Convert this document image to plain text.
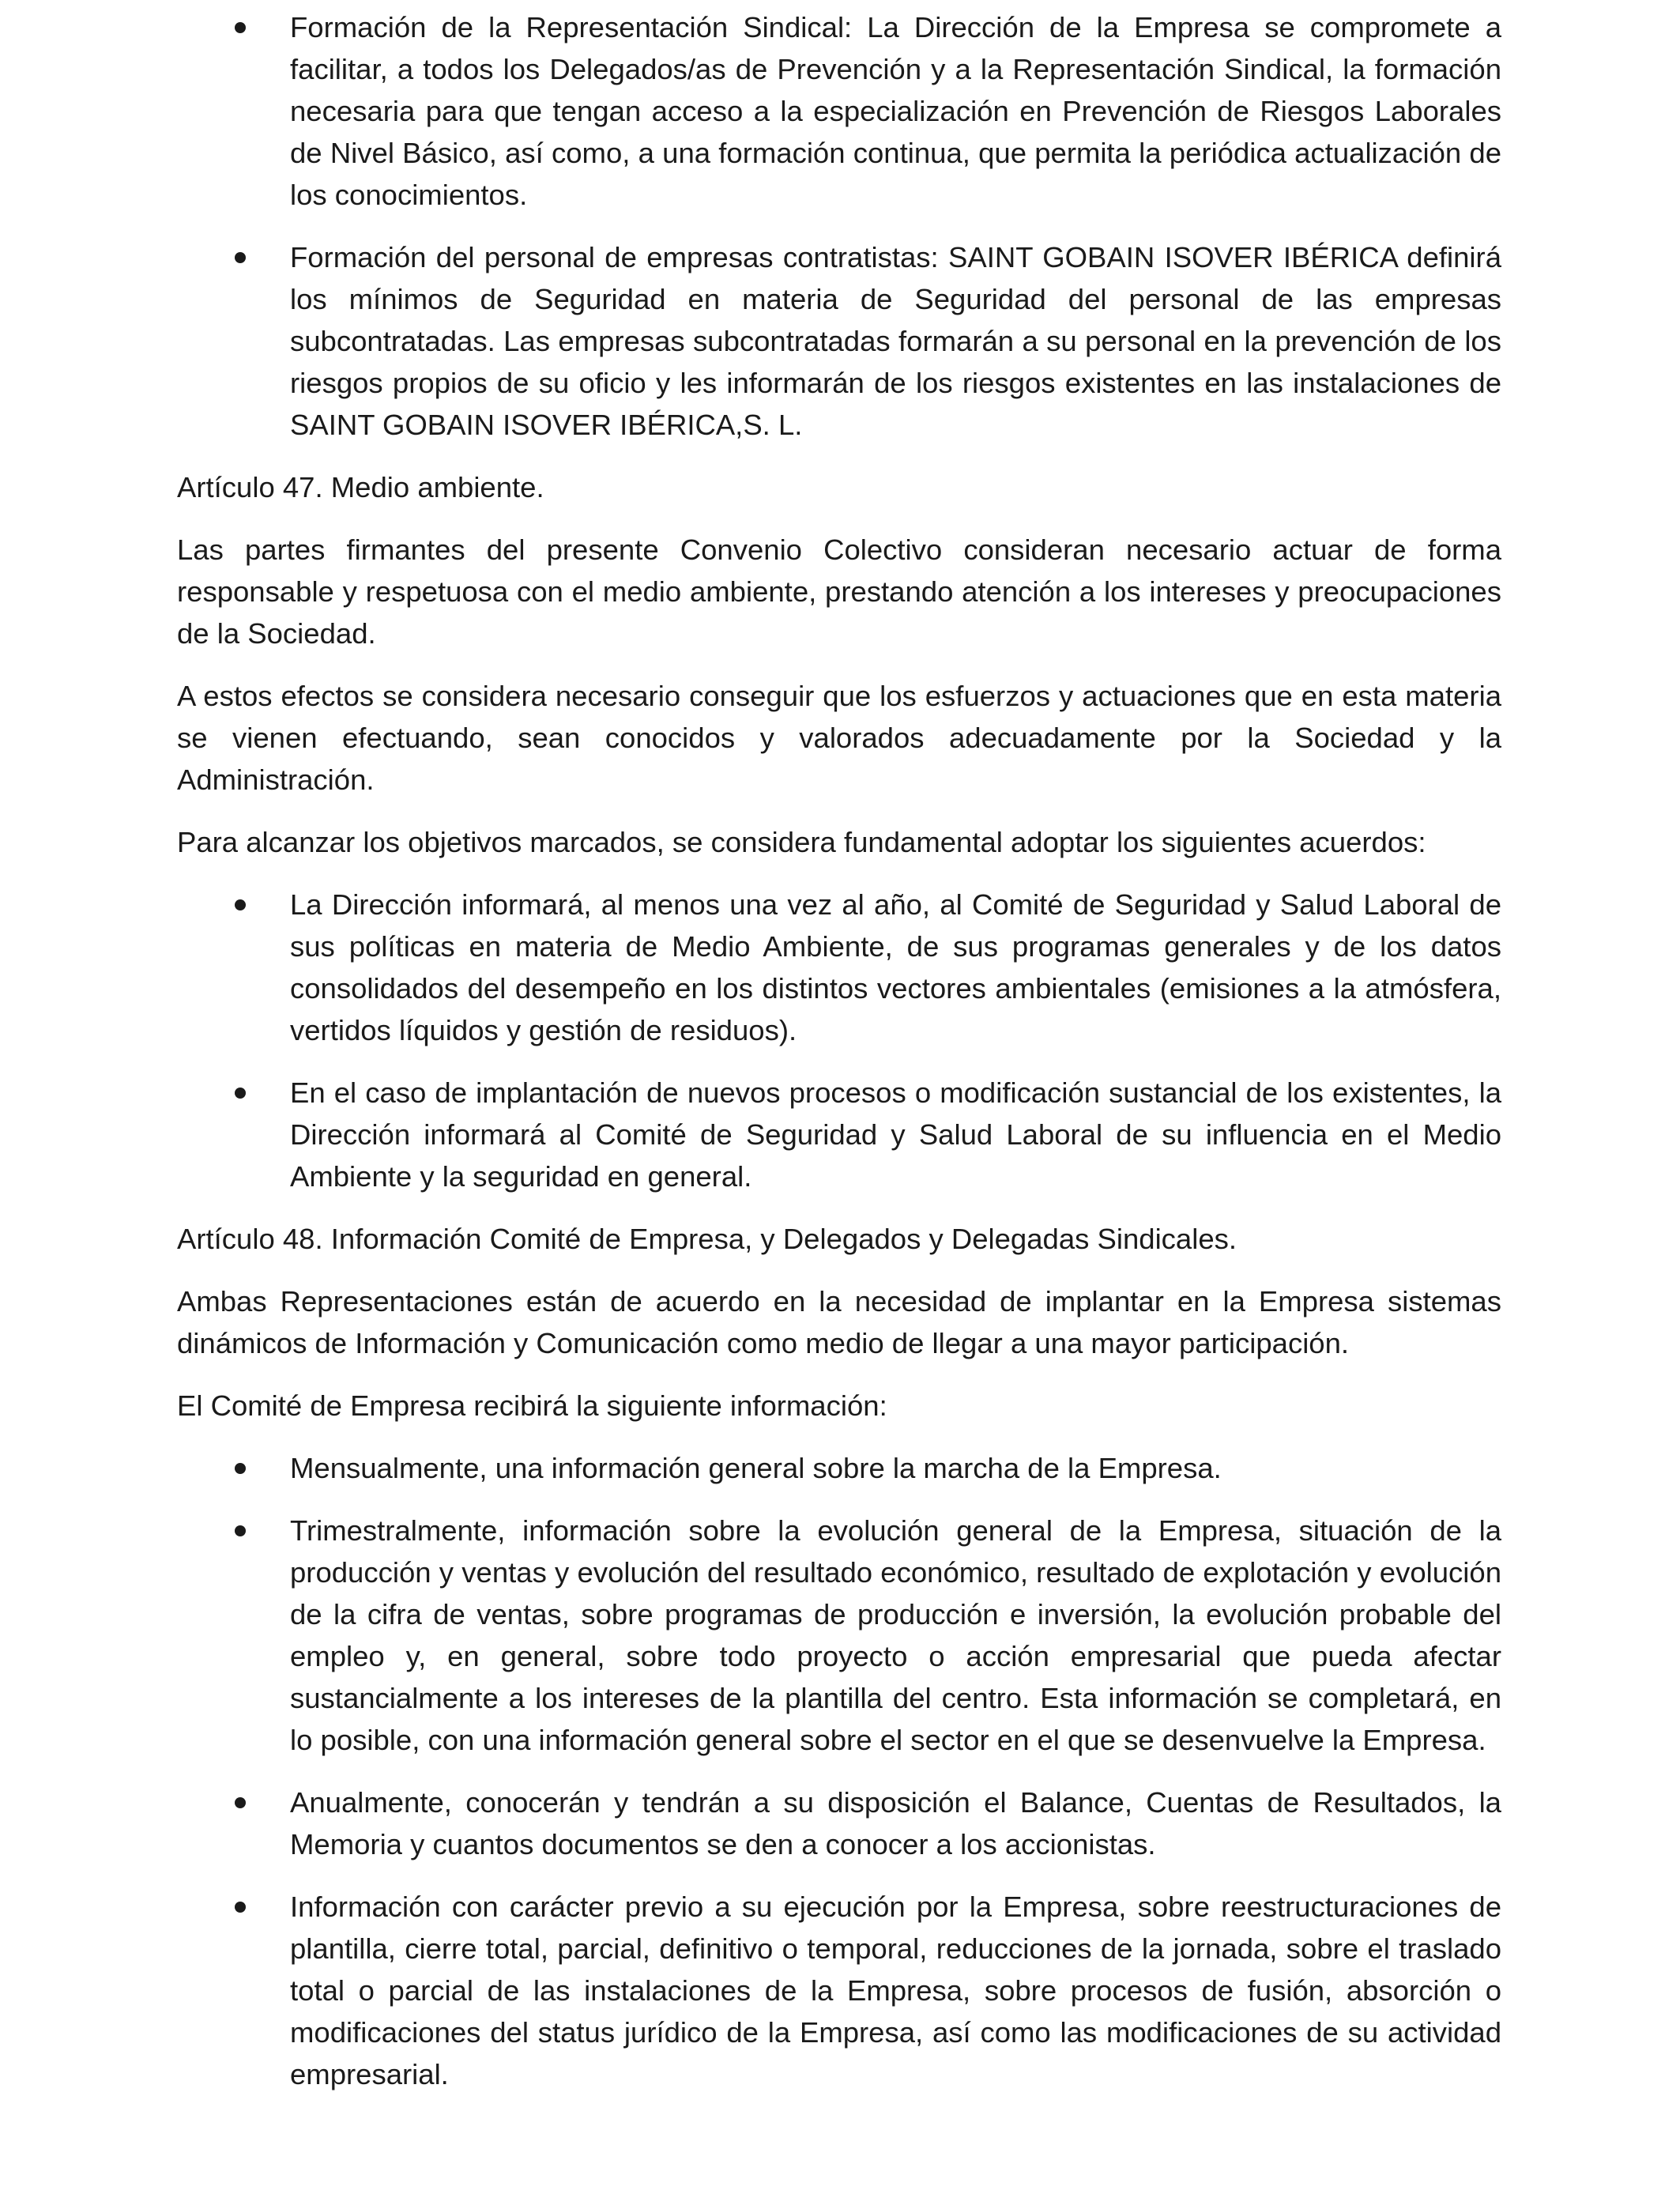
Formación de la Representación Sindical: La Dirección de la Empresa se compromete a facilitar, a todos los Delegados/as de Prevención y a la Representación Sindical, la formación necesaria para que tengan acceso a la especialización en Prevención de Riesgos Laborales de Nivel Básico, así como, a una formación continua, que permita la periódica actualización de los conocimientos.
Formación del personal de empresas contratistas: SAINT GOBAIN ISOVER IBÉRICA definirá los mínimos de Seguridad en materia de Seguridad del personal de las empresas subcontratadas. Las empresas subcontratadas formarán a su personal en la prevención de los riesgos propios de su oficio y les informarán de los riesgos existentes en las instalaciones de SAINT GOBAIN ISOVER IBÉRICA,S. L.

Artículo 47. Medio ambiente.

Las partes firmantes del presente Convenio Colectivo consideran necesario actuar de forma responsable y respetuosa con el medio ambiente, prestando atención a los intereses y preocupaciones de la Sociedad.

A estos efectos se considera necesario conseguir que los esfuerzos y actuaciones que en esta materia se vienen efectuando, sean conocidos y valorados adecuadamente por la Sociedad y la Administración.

Para alcanzar los objetivos marcados, se considera fundamental adoptar los siguientes acuerdos:

La Dirección informará, al menos una vez al año, al Comité de Seguridad y Salud Laboral de sus políticas en materia de Medio Ambiente, de sus programas generales y de los datos consolidados del desempeño en los distintos vectores ambientales (emisiones a la atmósfera, vertidos líquidos y gestión de residuos).
En el caso de implantación de nuevos procesos o modificación sustancial de los existentes, la Dirección informará al Comité de Seguridad y Salud Laboral de su influencia en el Medio Ambiente y la seguridad en general.

Artículo 48. Información Comité de Empresa, y Delegados y Delegadas Sindicales.

Ambas Representaciones están de acuerdo en la necesidad de implantar en la Empresa sistemas dinámicos de Información y Comunicación como medio de llegar a una mayor participación.

El Comité de Empresa recibirá la siguiente información:

Mensualmente, una información general sobre la marcha de la Empresa.
Trimestralmente, información sobre la evolución general de la Empresa, situación de la producción y ventas y evolución del resultado económico, resultado de explotación y evolución de la cifra de ventas, sobre programas de producción e inversión, la evolución probable del empleo y, en general, sobre todo proyecto o acción empresarial que pueda afectar sustancialmente a los intereses de la plantilla del centro. Esta información se completará, en lo posible, con una información general sobre el sector en el que se desenvuelve la Empresa.
Anualmente, conocerán y tendrán a su disposición el Balance, Cuentas de Resultados, la Memoria y cuantos documentos se den a conocer a los accionistas.
Información con carácter previo a su ejecución por la Empresa, sobre reestructuraciones de plantilla, cierre total, parcial, definitivo o temporal, reducciones de la jornada, sobre el traslado total o parcial de las instalaciones de la Empresa, sobre procesos de fusión, absorción o modificaciones del status jurídico de la Empresa, así como las modificaciones de su actividad empresarial.
